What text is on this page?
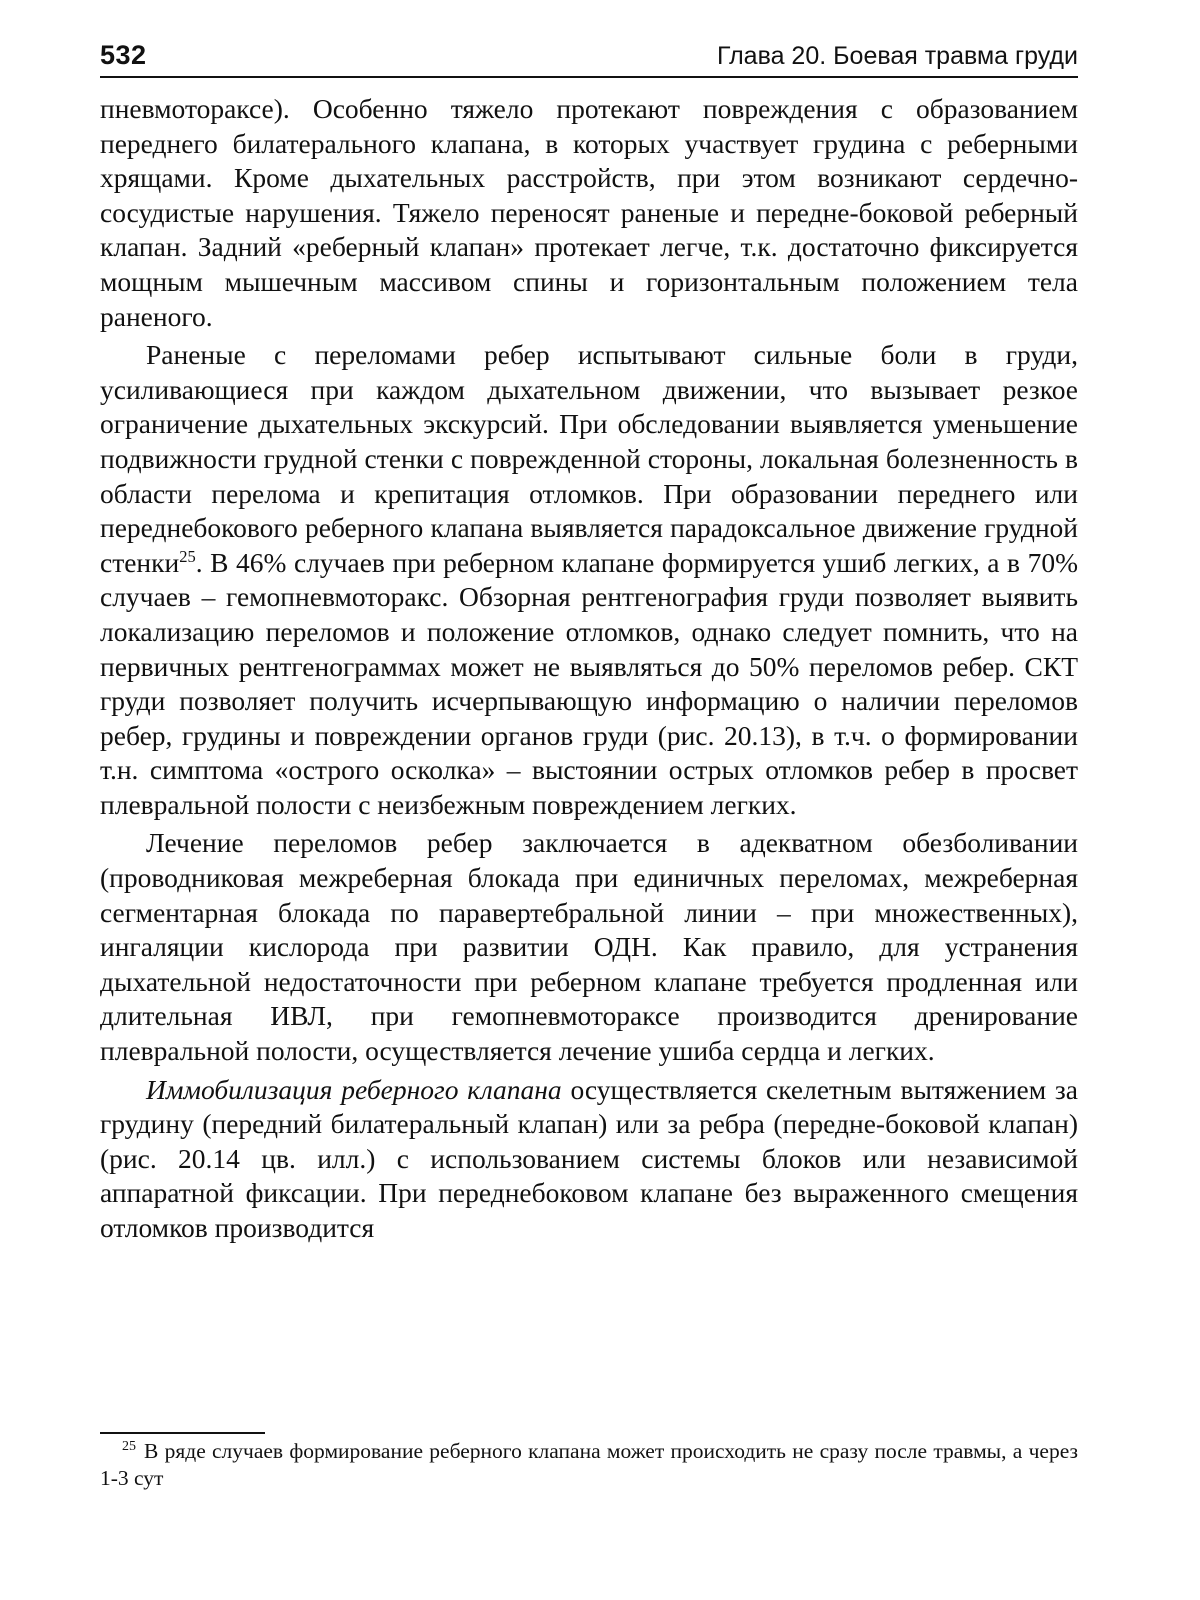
532	Глава 20. Боевая травма груди

пневмотораксе). Особенно тяжело протекают повреждения с образованием переднего билатерального клапана, в которых участвует грудина с реберными хрящами. Кроме дыхательных расстройств, при этом возникают сердечно-сосудистые нарушения. Тяжело переносят раненые и передне-боковой реберный клапан. Задний «реберный клапан» протекает легче, т.к. достаточно фиксируется мощным мышечным массивом спины и горизонтальным положением тела раненого.

Раненые с переломами ребер испытывают сильные боли в груди, усиливающиеся при каждом дыхательном движении, что вызывает резкое ограничение дыхательных экскурсий. При обследовании выявляется уменьшение подвижности грудной стенки с поврежденной стороны, локальная болезненность в области перелома и крепитация отломков. При образовании переднего или переднебокового реберного клапана выявляется парадоксальное движение грудной стенки$^{25}$. В 46% случаев при реберном клапане формируется ушиб легких, а в 70% случаев – гемопневмоторакс. Обзорная рентгенография груди позволяет выявить локализацию переломов и положение отломков, однако следует помнить, что на первичных рентгенограммах может не выявляться до 50% переломов ребер. СКТ груди позволяет получить исчерпывающую информацию о наличии переломов ребер, грудины и повреждении органов груди (рис. 20.13), в т.ч. о формировании т.н. симптома «острого осколка» – выстоянии острых отломков ребер в просвет плевральной полости с неизбежным повреждением легких.

Лечение переломов ребер заключается в адекватном обезболивании (проводниковая межреберная блокада при единичных переломах, межреберная сегментарная блокада по паравертебральной линии – при множественных), ингаляции кислорода при развитии ОДН. Как правило, для устранения дыхательной недостаточности при реберном клапане требуется продленная или длительная ИВЛ, при гемопневмотораксе производится дренирование плевральной полости, осуществляется лечение ушиба сердца и легких.

Иммобилизация реберного клапана осуществляется скелетным вытяжением за грудину (передний билатеральный клапан) или за ребра (передне-боковой клапан) (рис. 20.14 цв. илл.) с использованием системы блоков или независимой аппаратной фиксации. При переднебоковом клапане без выраженного смещения отломков производится

25 В ряде случаев формирование реберного клапана может происходить не сразу после травмы, а через 1-3 сут
